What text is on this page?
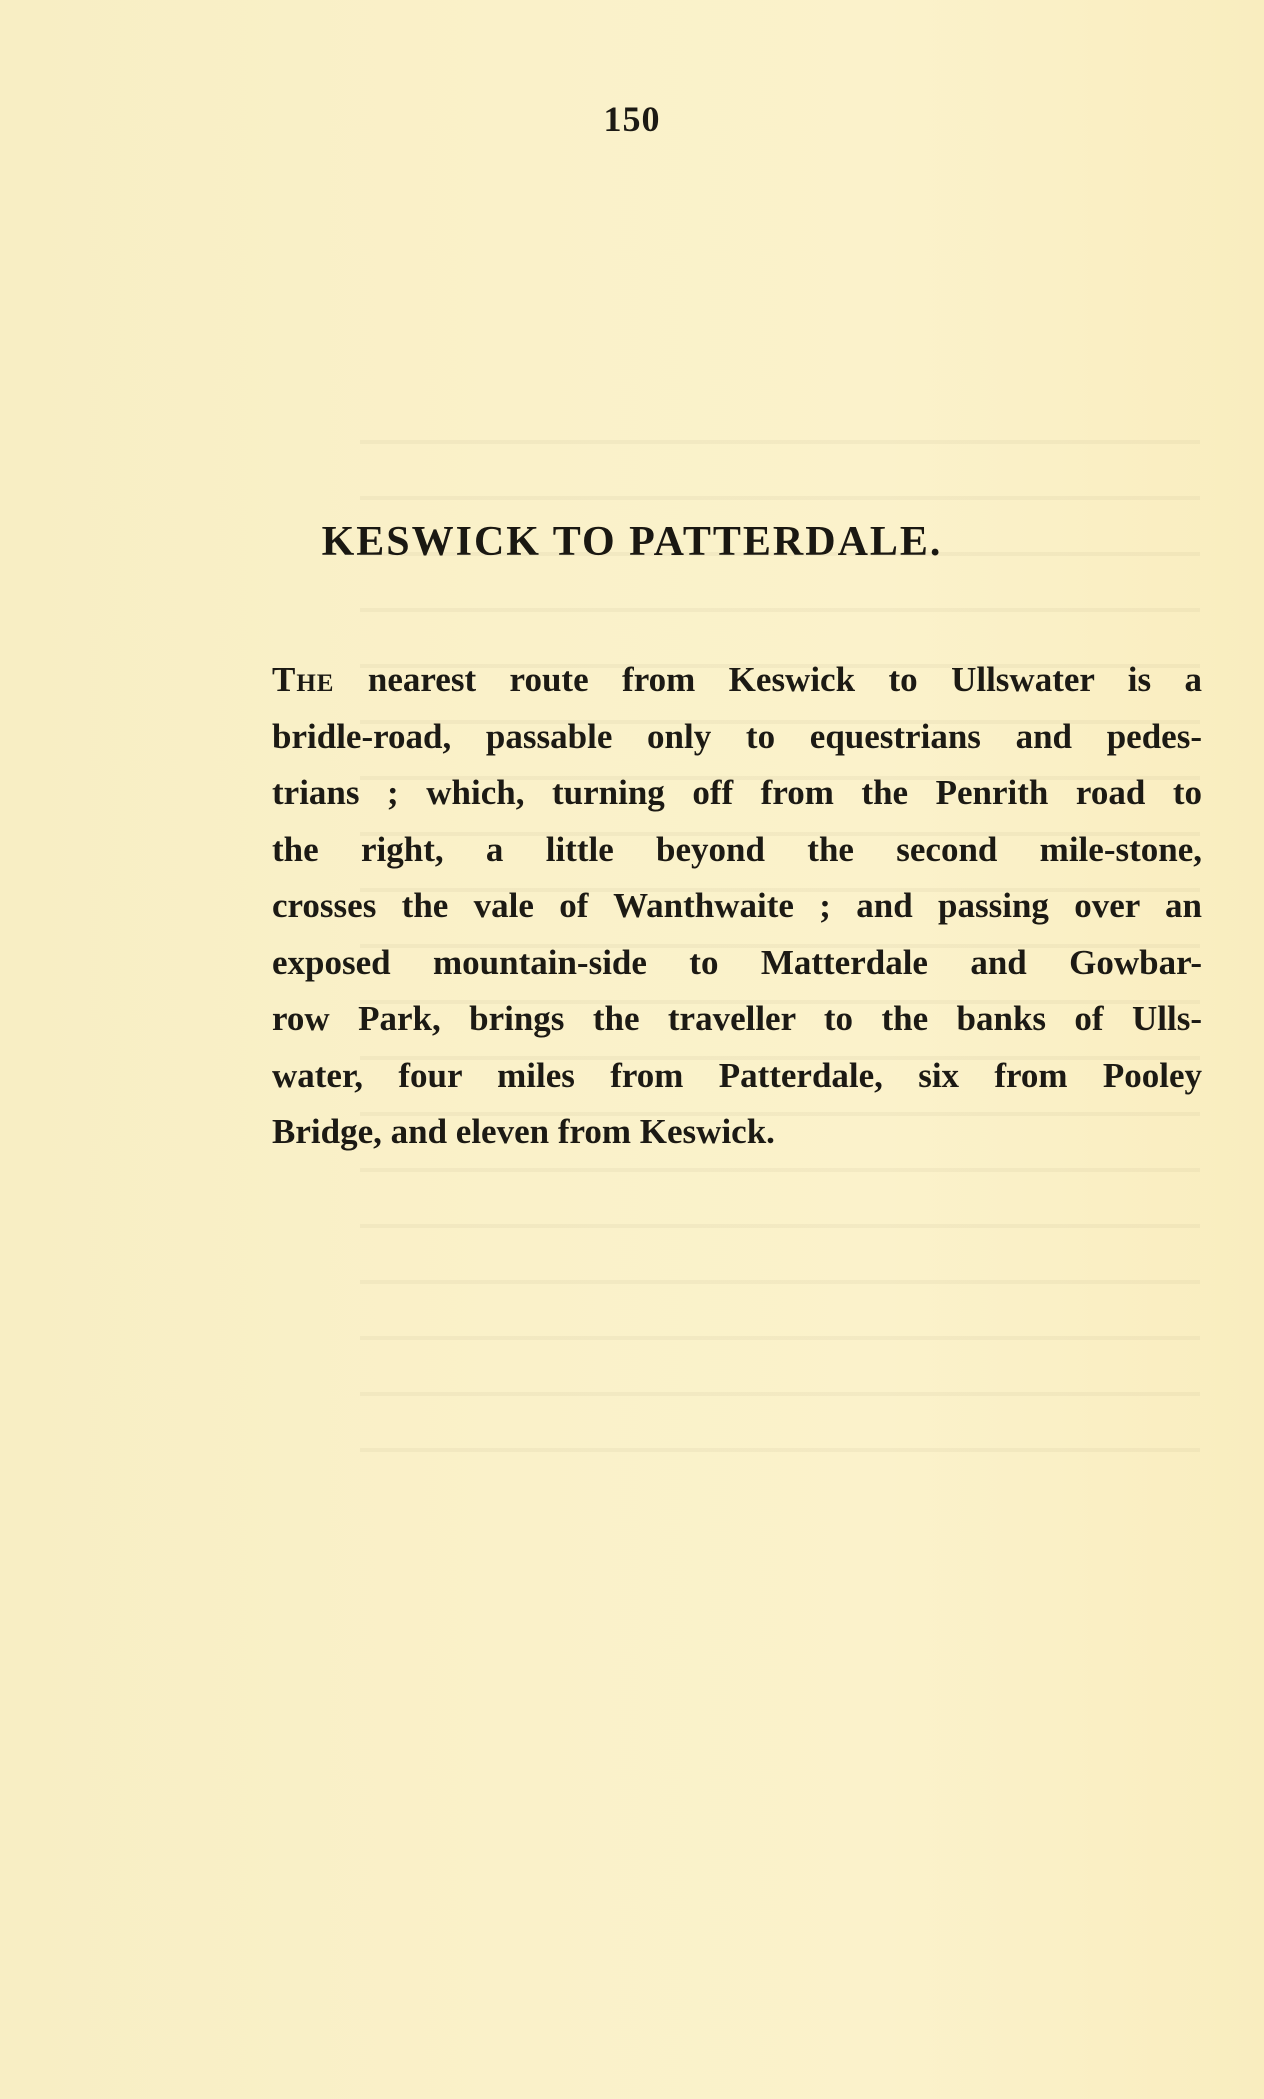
150
KESWICK TO PATTERDALE.
The nearest route from Keswick to Ullswater is a
bridle-road, passable only to equestrians and pedes-
trians ; which, turning off from the Penrith road to
the right, a little beyond the second mile-stone,
crosses the vale of Wanthwaite ; and passing over an
exposed mountain-side to Matterdale and Gowbar-
row Park, brings the traveller to the banks of Ulls-
water, four miles from Patterdale, six from Pooley
Bridge, and eleven from Keswick.
